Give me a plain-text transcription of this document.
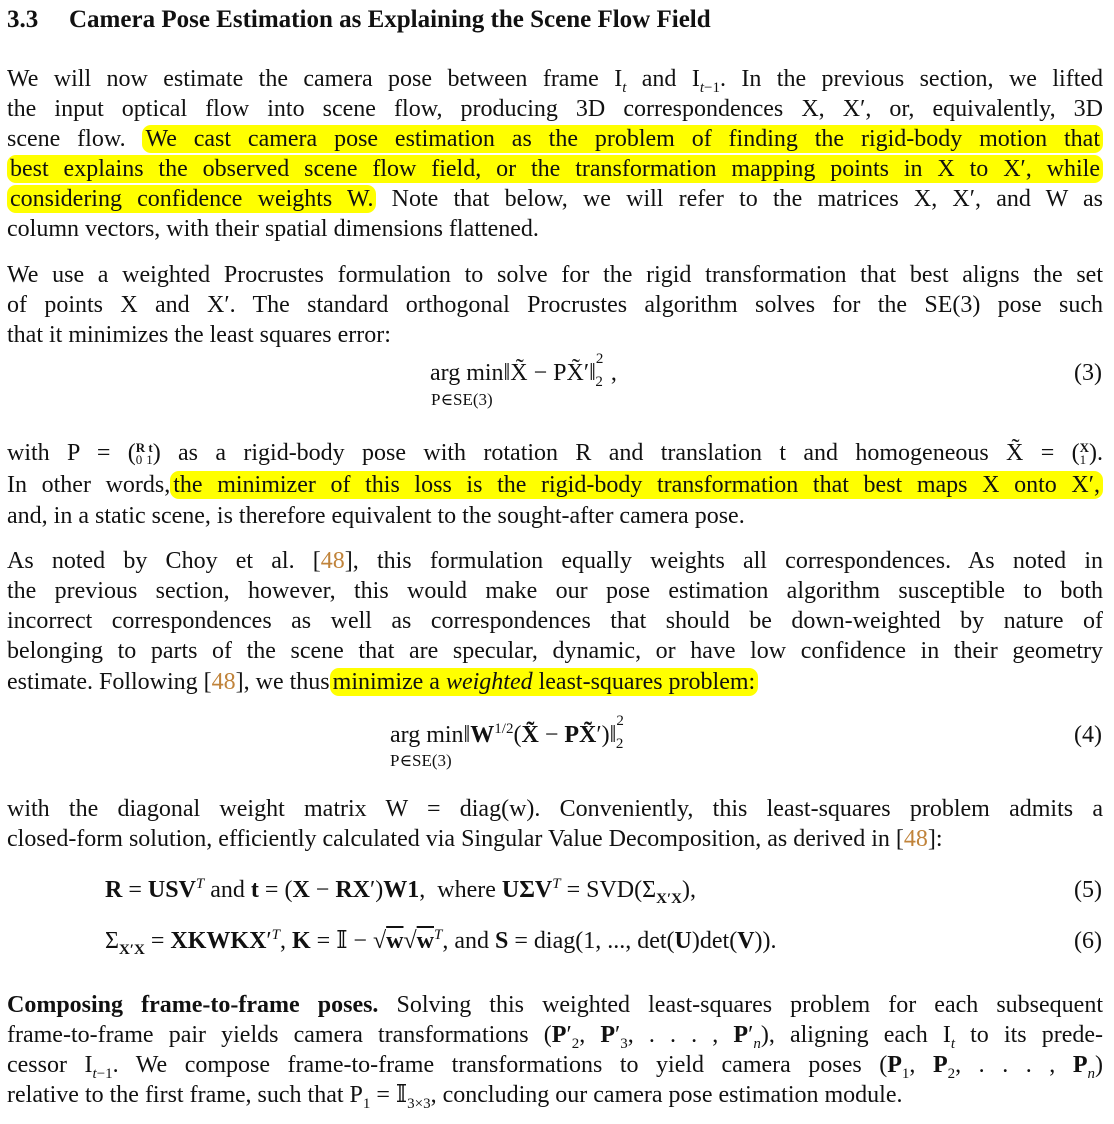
3.3 Camera Pose Estimation as Explaining the Scene Flow Field
We will now estimate the camera pose between frame $I_t$ and $I_{t-1}$. In the previous section, we lifted
the input optical flow into scene flow, producing 3D correspondences X, X′, or, equivalently, 3D
scene flow. We cast camera pose estimation as the problem of finding the rigid-body motion that
best explains the observed scene flow field, or the transformation mapping points in X to X′, while
considering confidence weights W. Note that below, we will refer to the matrices X, X′, and W as
column vectors, with their spatial dimensions flattened.
We use a weighted Procrustes formulation to solve for the rigid transformation that best aligns the set
of points X and X′. The standard orthogonal Procrustes algorithm solves for the SE(3) pose such
that it minimizes the least squares error:
arg min‖X̃ − PX̃′‖$^2_2$ ,
P∈SE(3)
(3)
with P = (R t
0 1) as a rigid-body pose with rotation R and translation t and homogeneous X̃ = (X
1 ).
In other words, the minimizer of this loss is the rigid-body transformation that best maps X onto X′,
and, in a static scene, is therefore equivalent to the sought-after camera pose.
As noted by Choy et al. [48], this formulation equally weights all correspondences. As noted in
the previous section, however, this would make our pose estimation algorithm susceptible to both
incorrect correspondences as well as correspondences that should be down-weighted by nature of
belonging to parts of the scene that are specular, dynamic, or have low confidence in their geometry
estimate. Following [48], we thus minimize a weighted least-squares problem:
arg $\min‖W^{1/2}(X̃$ − PX̃′)‖$^2_2$
P∈SE(3)
(4)
with the diagonal weight matrix W = diag(w). Conveniently, this least-squares problem admits a
closed-form solution, efficiently calculated via Singular Value Decomposition, as derived in [48]:
$R = USV^T$ and t = (X − RX′)W1,  where $U\Sigma V^T = SVD(\Sigma_{X'X})$,	(5)
$\Sigma_{X'X}$ = $XKWKX'^T$, K = 𝕀 − $√w√w^T$, and S = diag(1, ..., det(U)det(V)).	(6)
Composing frame-to-frame poses. Solving this weighted least-squares problem for each subsequent
frame-to-frame pair yields camera transformations ($P'_2$, $P'_3$, . . . , $P'_n$), aligning each $I_t$ to its prede-
cessor $I_{t-1}$. We compose frame-to-frame transformations to yield camera poses ($P_1$, $P_2$, . . . , $P_n$)
relative to the first frame, such that $P_1$ = 𝕀$_{3\times 3}$, concluding our camera pose estimation module.
